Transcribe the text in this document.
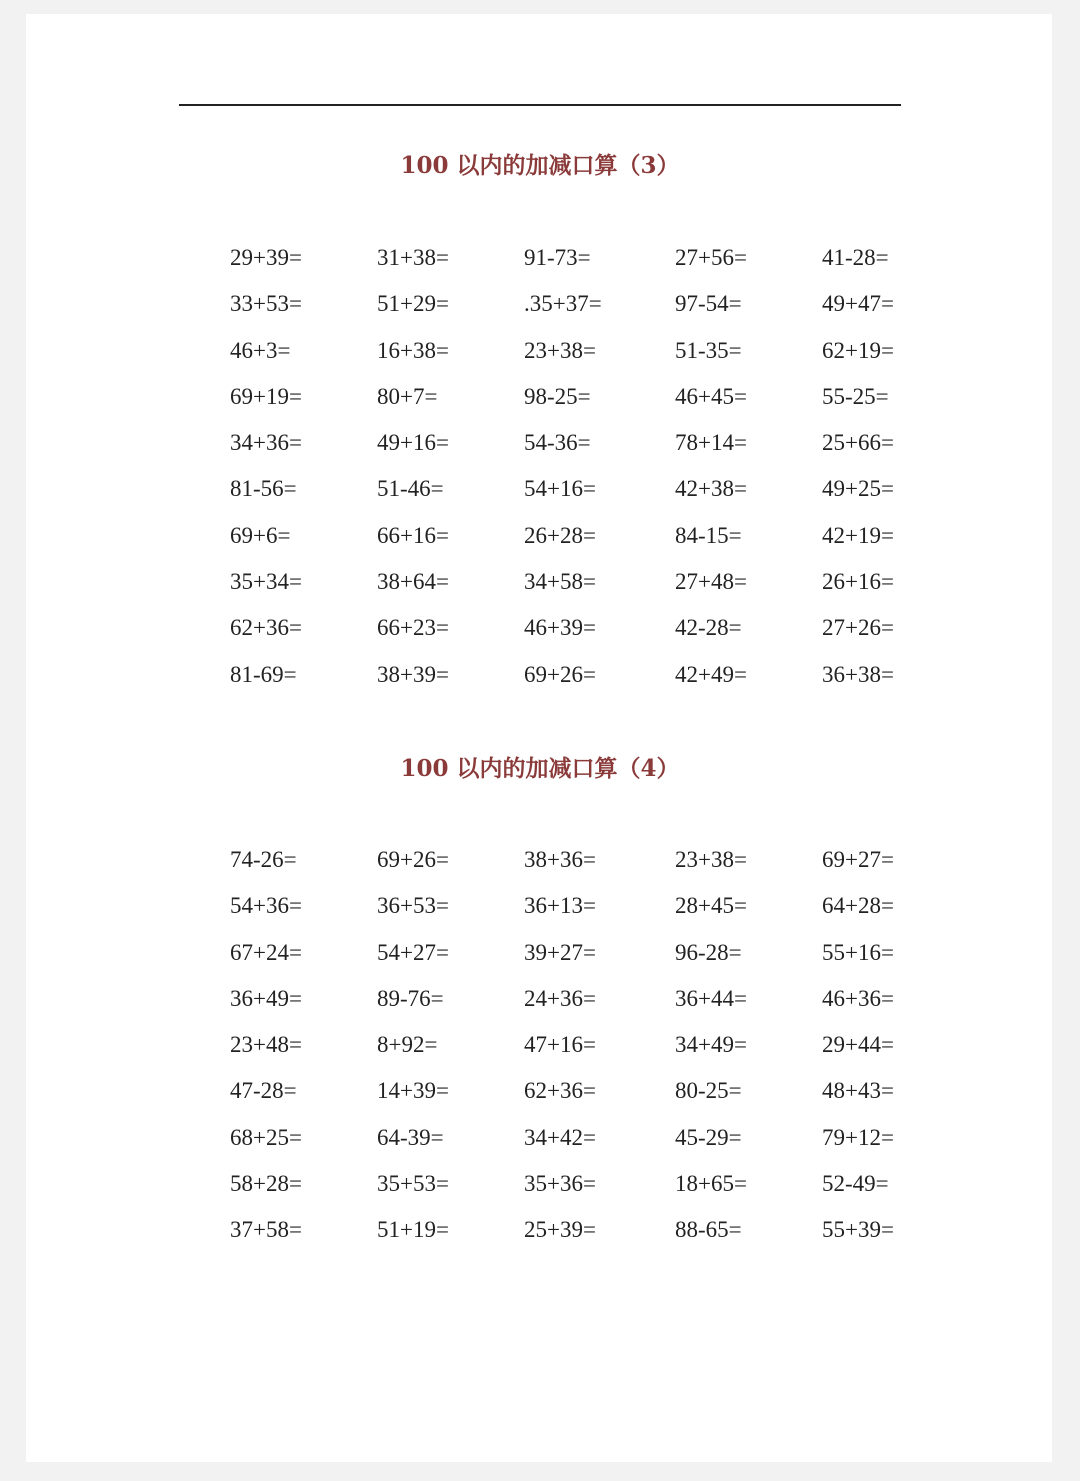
100 以内的加减口算（3）
29+39=	31+38=	91-73=	27+56=	41-28=
33+53=	51+29=	.35+37=	97-54=	49+47=
46+3=	16+38=	23+38=	51-35=	62+19=
69+19=	80+7=	98-25=	46+45=	55-25=
34+36=	49+16=	54-36=	78+14=	25+66=
81-56=	51-46=	54+16=	42+38=	49+25=
69+6=	66+16=	26+28=	84-15=	42+19=
35+34=	38+64=	34+58=	27+48=	26+16=
62+36=	66+23=	46+39=	42-28=	27+26=
81-69=	38+39=	69+26=	42+49=	36+38=
100 以内的加减口算（4）
74-26=	69+26=	38+36=	23+38=	69+27=
54+36=	36+53=	36+13=	28+45=	64+28=
67+24=	54+27=	39+27=	96-28=	55+16=
36+49=	89-76=	24+36=	36+44=	46+36=
23+48=	8+92=	47+16=	34+49=	29+44=
47-28=	14+39=	62+36=	80-25=	48+43=
68+25=	64-39=	34+42=	45-29=	79+12=
58+28=	35+53=	35+36=	18+65=	52-49=
37+58=	51+19=	25+39=	88-65=	55+39=
